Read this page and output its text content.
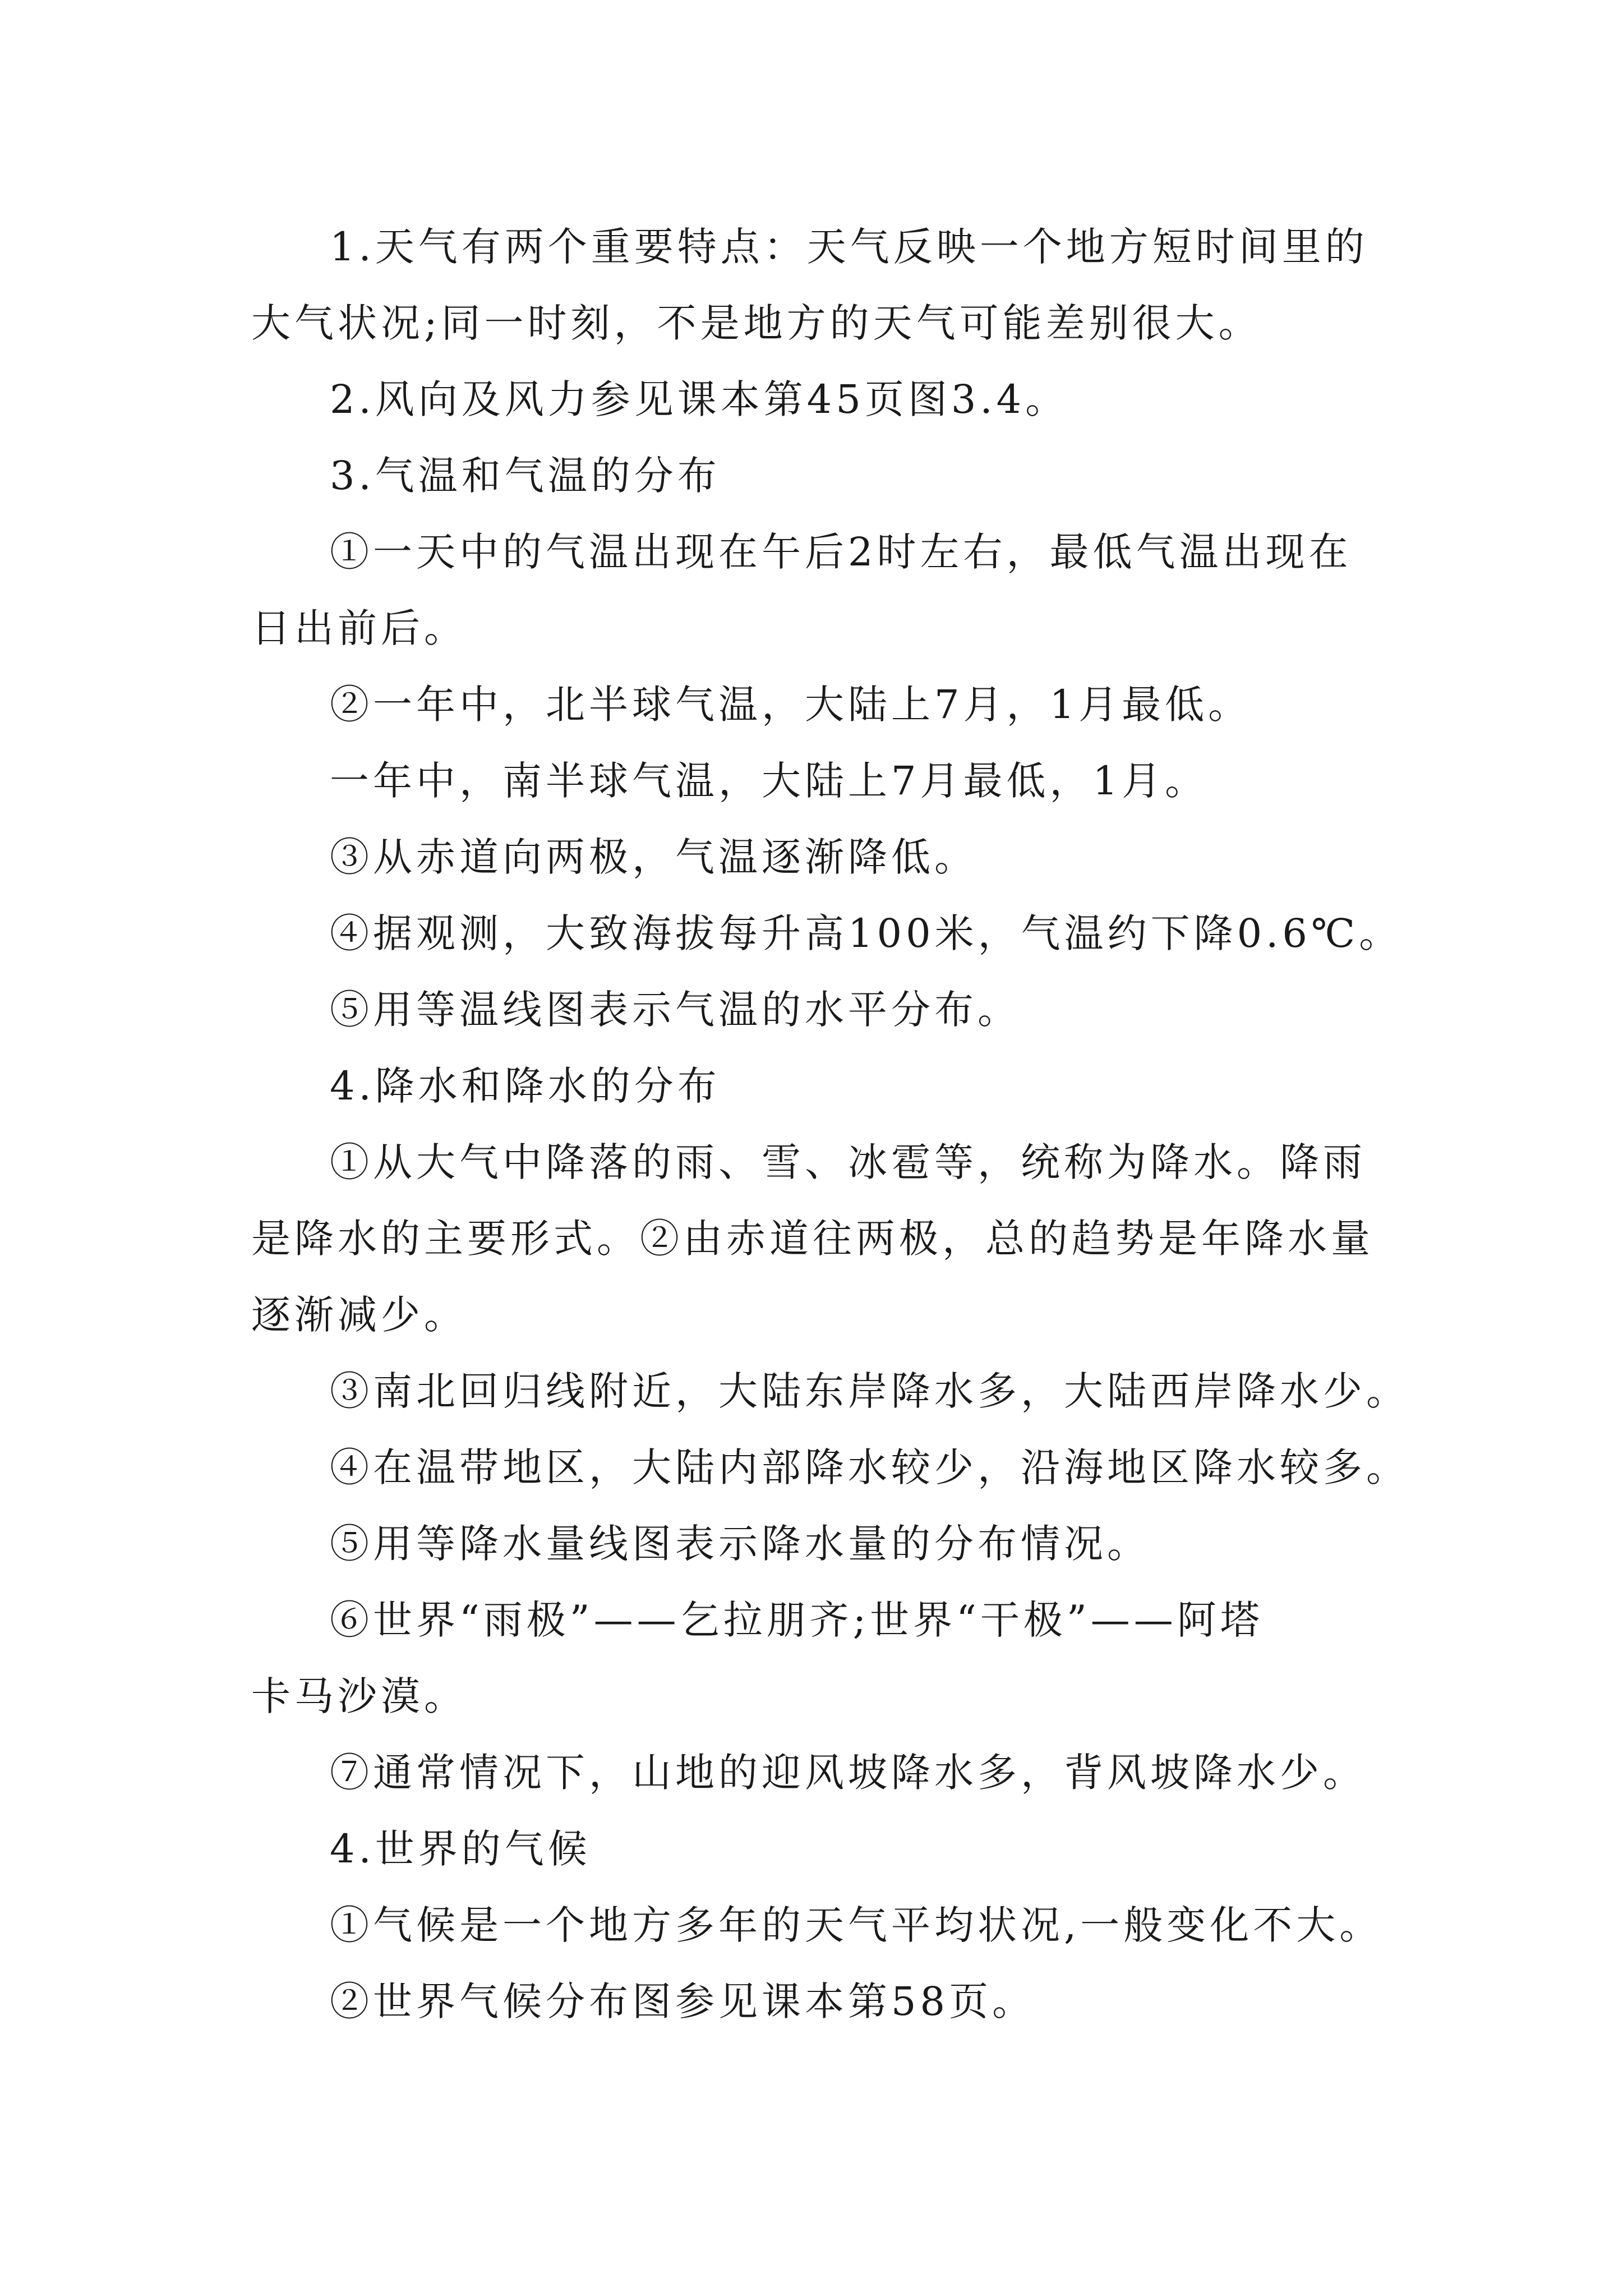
1.天气有两个重要特点：天气反映一个地方短时间里的
大气状况;同一时刻，不是地方的天气可能差别很大。
2.风向及风力参见课本第45页图3.4。
3.气温和气温的分布
①一天中的气温出现在午后2时左右，最低气温出现在
日出前后。
②一年中，北半球气温，大陆上7月，1月最低。
一年中，南半球气温，大陆上7月最低，1月。
③从赤道向两极，气温逐渐降低。
④据观测，大致海拔每升高100米，气温约下降0.6℃。
⑤用等温线图表示气温的水平分布。
4.降水和降水的分布
①从大气中降落的雨、雪、冰雹等，统称为降水。降雨
是降水的主要形式。②由赤道往两极，总的趋势是年降水量
逐渐减少。
③南北回归线附近，大陆东岸降水多，大陆西岸降水少。
④在温带地区，大陆内部降水较少，沿海地区降水较多。
⑤用等降水量线图表示降水量的分布情况。
⑥世界“雨极”——乞拉朋齐;世界“干极”——阿塔
卡马沙漠。
⑦通常情况下，山地的迎风坡降水多，背风坡降水少。
4.世界的气候
①气候是一个地方多年的天气平均状况,一般变化不大。
②世界气候分布图参见课本第58页。
